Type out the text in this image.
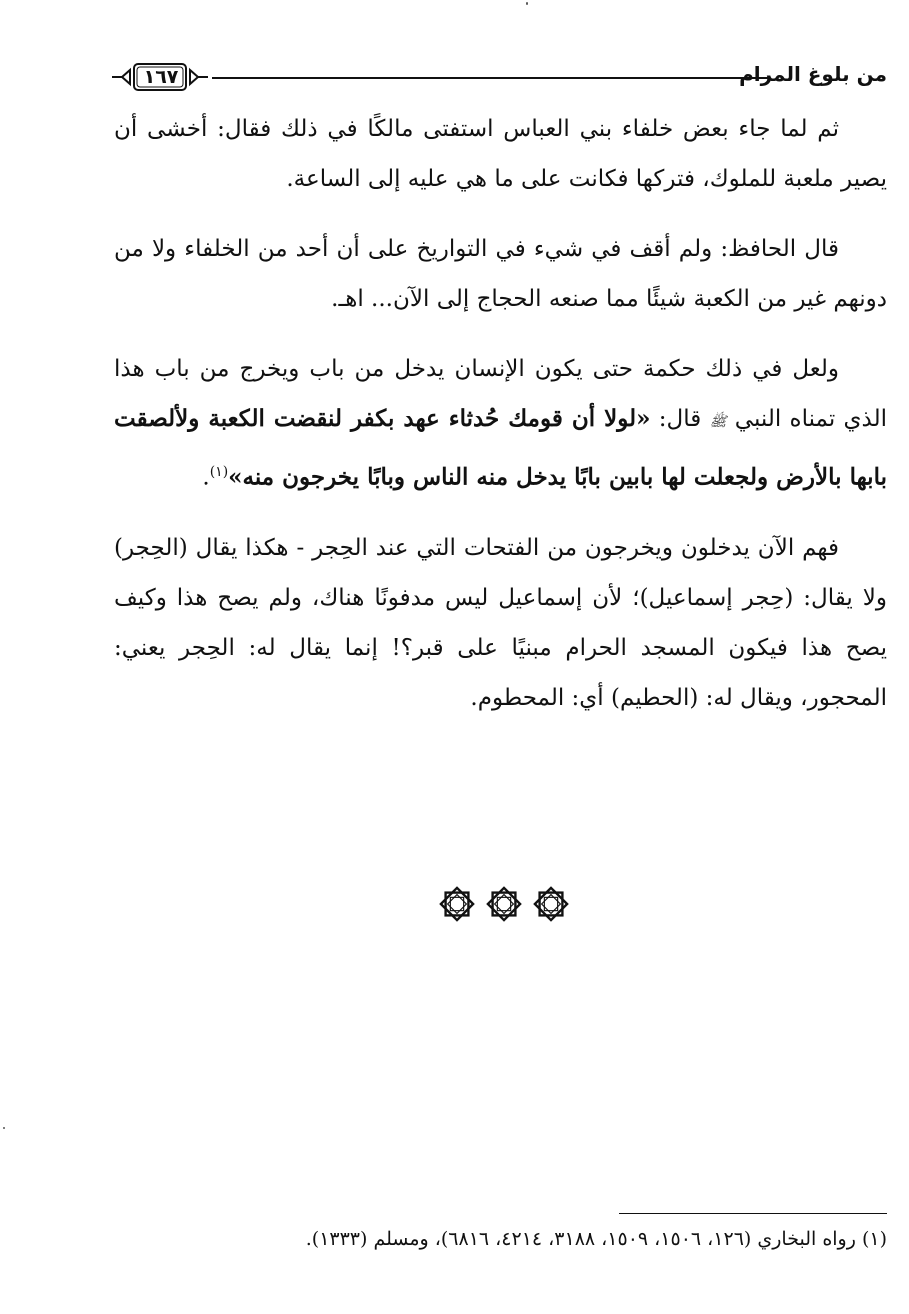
من بلوغ المرام
١٦٧

ثم لما جاء بعض خلفاء بني العباس استفتى مالكًا في ذلك فقال: أخشى أن يصير ملعبة للملوك، فتركها فكانت على ما هي عليه إلى الساعة.

قال الحافظ: ولم أقف في شيء في التواريخ على أن أحد من الخلفاء ولا من دونهم غير من الكعبة شيئًا مما صنعه الحجاج إلى الآن... اهـ.

ولعل في ذلك حكمة حتى يكون الإنسان يدخل من باب ويخرج من باب هذا الذي تمناه النبي ﷺ قال: «لولا أن قومك حُدثاء عهد بكفر لنقضت الكعبة ولألصقت بابها بالأرض ولجعلت لها بابين بابًا يدخل منه الناس وبابًا يخرجون منه»$^{(١)}$.

فهم الآن يدخلون ويخرجون من الفتحات التي عند الحِجر - هكذا يقال (الحِجر) ولا يقال: (حِجر إسماعيل)؛ لأن إسماعيل ليس مدفونًا هناك، ولم يصح هذا وكيف يصح هذا فيكون المسجد الحرام مبنيًا على قبر؟! إنما يقال له: الحِجر يعني: المحجور، ويقال له: (الحطيم) أي: المحطوم.

(١) رواه البخاري (١٢٦، ١٥٠٦، ١٥٠٩، ٣١٨٨، ٤٢١٤، ٦٨١٦)، ومسلم (١٣٣٣).
